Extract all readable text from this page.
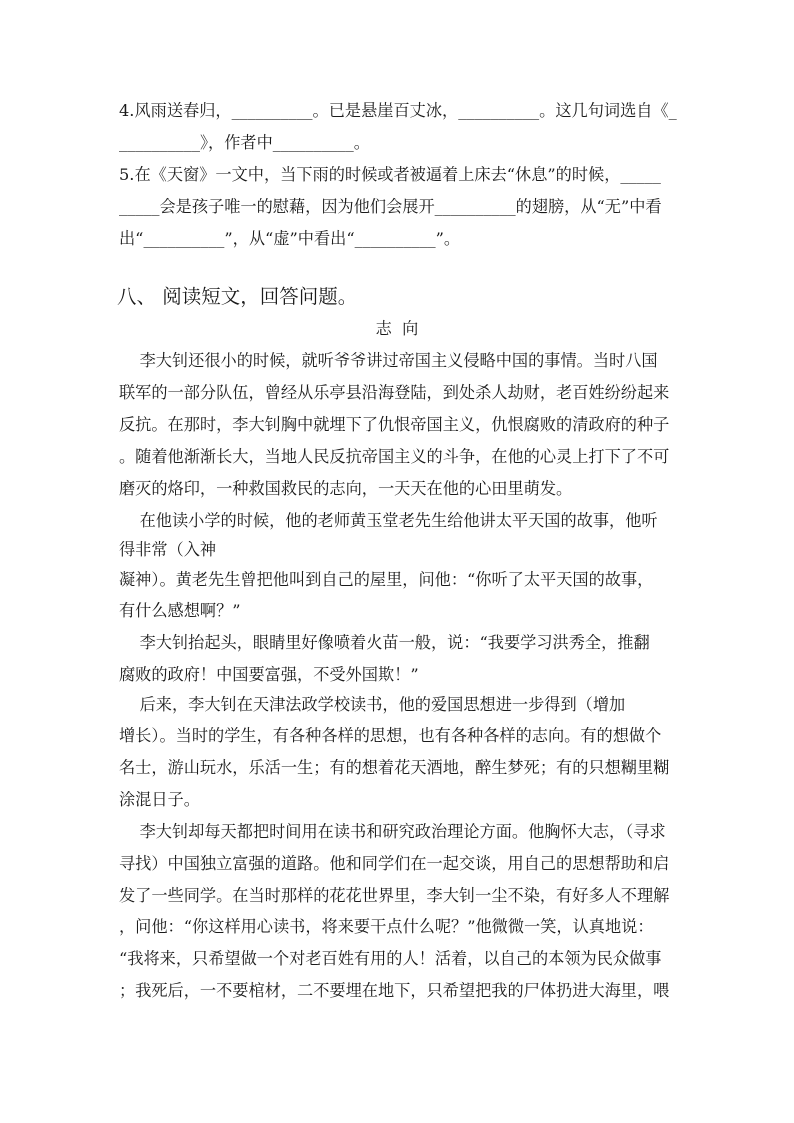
4.风雨送春归，__________。已是悬崖百丈冰，__________。这几句词选自《_
__________》，作者中__________。
5.在《天窗》一文中，当下雨的时候或者被逼着上床去“休息”的时候，_____
_____会是孩子唯一的慰藉，因为他们会展开__________的翅膀，从“无”中看
出“__________”，从“虚”中看出“__________”。
八、 阅读短文，回答问题。
志  向
李大钊还很小的时候，就听爷爷讲过帝国主义侵略中国的事情。当时八国
联军的一部分队伍，曾经从乐亭县沿海登陆，到处杀人劫财，老百姓纷纷起来
反抗。在那时，李大钊胸中就埋下了仇恨帝国主义，仇恨腐败的清政府的种子
。随着他渐渐长大，当地人民反抗帝国主义的斗争，在他的心灵上打下了不可
磨灭的烙印，一种救国救民的志向，一天天在他的心田里萌发。
在他读小学的时候，他的老师黄玉堂老先生给他讲太平天国的故事，他听
得非常（入神
凝神）。黄老先生曾把他叫到自己的屋里，问他：“你听了太平天国的故事，
有什么感想啊？”
李大钊抬起头，眼睛里好像喷着火苗一般，说：“我要学习洪秀全，推翻
腐败的政府！中国要富强，不受外国欺！”
后来，李大钊在天津法政学校读书，他的爱国思想进一步得到（增加
增长）。当时的学生，有各种各样的思想，也有各种各样的志向。有的想做个
名士，游山玩水，乐活一生；有的想着花天酒地，醉生梦死；有的只想糊里糊
涂混日子。
李大钊却每天都把时间用在读书和研究政治理论方面。他胸怀大志，（寻求
寻找）中国独立富强的道路。他和同学们在一起交谈，用自己的思想帮助和启
发了一些同学。在当时那样的花花世界里，李大钊一尘不染，有好多人不理解
，问他：“你这样用心读书，将来要干点什么呢？”他微微一笑，认真地说：
“我将来，只希望做一个对老百姓有用的人！活着，以自己的本领为民众做事
；我死后，一不要棺材，二不要埋在地下，只希望把我的尸体扔进大海里，喂
